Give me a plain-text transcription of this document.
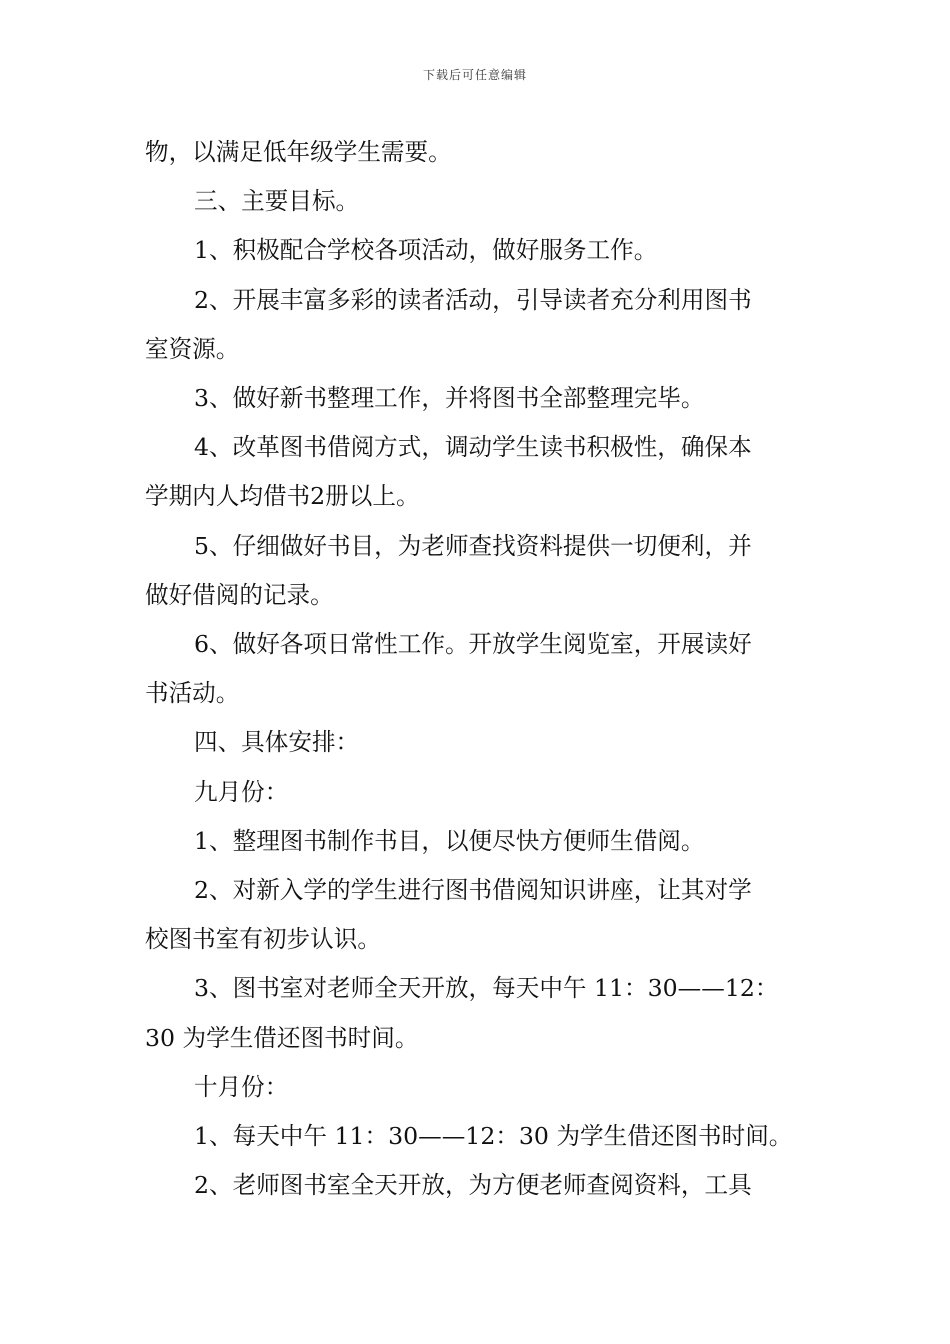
下载后可任意编辑

物，以满足低年级学生需要。

三、主要目标。

1、积极配合学校各项活动，做好服务工作。

2、开展丰富多彩的读者活动，引导读者充分利用图书

室资源。

3、做好新书整理工作，并将图书全部整理完毕。

4、改革图书借阅方式，调动学生读书积极性，确保本

学期内人均借书2册以上。

5、仔细做好书目，为老师查找资料提供一切便利，并

做好借阅的记录。

6、做好各项日常性工作。开放学生阅览室，开展读好

书活动。

四、具体安排：

九月份：

1、整理图书制作书目，以便尽快方便师生借阅。

2、对新入学的学生进行图书借阅知识讲座，让其对学

校图书室有初步认识。

3、图书室对老师全天开放，每天中午 11：30——12：

30 为学生借还图书时间。

十月份：

1、每天中午 11：30——12：30 为学生借还图书时间。

2、老师图书室全天开放，为方便老师查阅资料，工具
